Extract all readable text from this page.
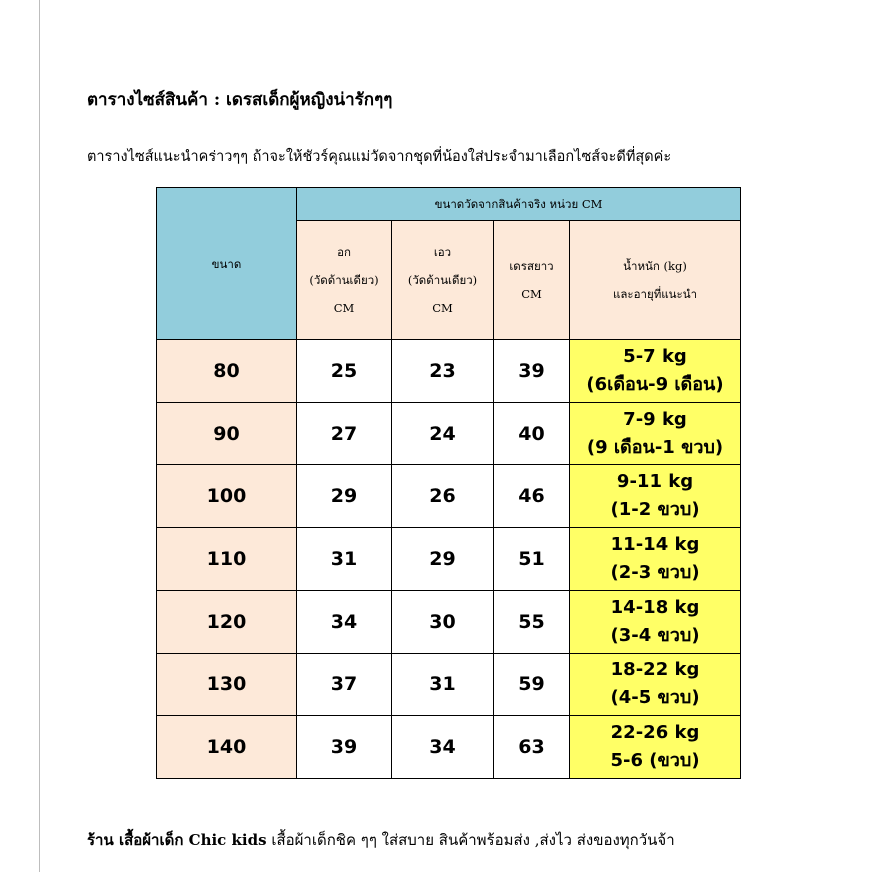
ตารางไซส์สินค้า : เดรสเด็กผู้หญิงน่ารักๆๆ
ตารางไซส์แนะนำคร่าวๆๆ ถ้าจะให้ชัวร์คุณแม่วัดจากชุดที่น้องใส่ประจำมาเลือกไซส์จะดีที่สุดค่ะ
ขนาด	ขนาดวัดจากสินค้าจริง หน่วย CM			

	อก
(วัดด้านเดียว)
CM	เอว
(วัดด้านเดียว)
CM	เดรสยาว
CM	น้ำหนัก (kg)
และอายุที่แนะนำ

80	25	23	39	5-7 kg
(6เดือน-9 เดือน)

90	27	24	40	7-9 kg
(9 เดือน-1 ขวบ)

100	29	26	46	9-11 kg
(1-2 ขวบ)

110	31	29	51	11-14 kg
(2-3 ขวบ)

120	34	30	55	14-18 kg
(3-4 ขวบ)

130	37	31	59	18-22 kg
(4-5 ขวบ)

140	39	34	63	22-26 kg
5-6 (ขวบ)
ร้าน เสื้อผ้าเด็ก Chic kids เสื้อผ้าเด็กชิค ๆๆ ใส่สบาย สินค้าพร้อมส่ง ,ส่งไว ส่งของทุกวันจ้า
